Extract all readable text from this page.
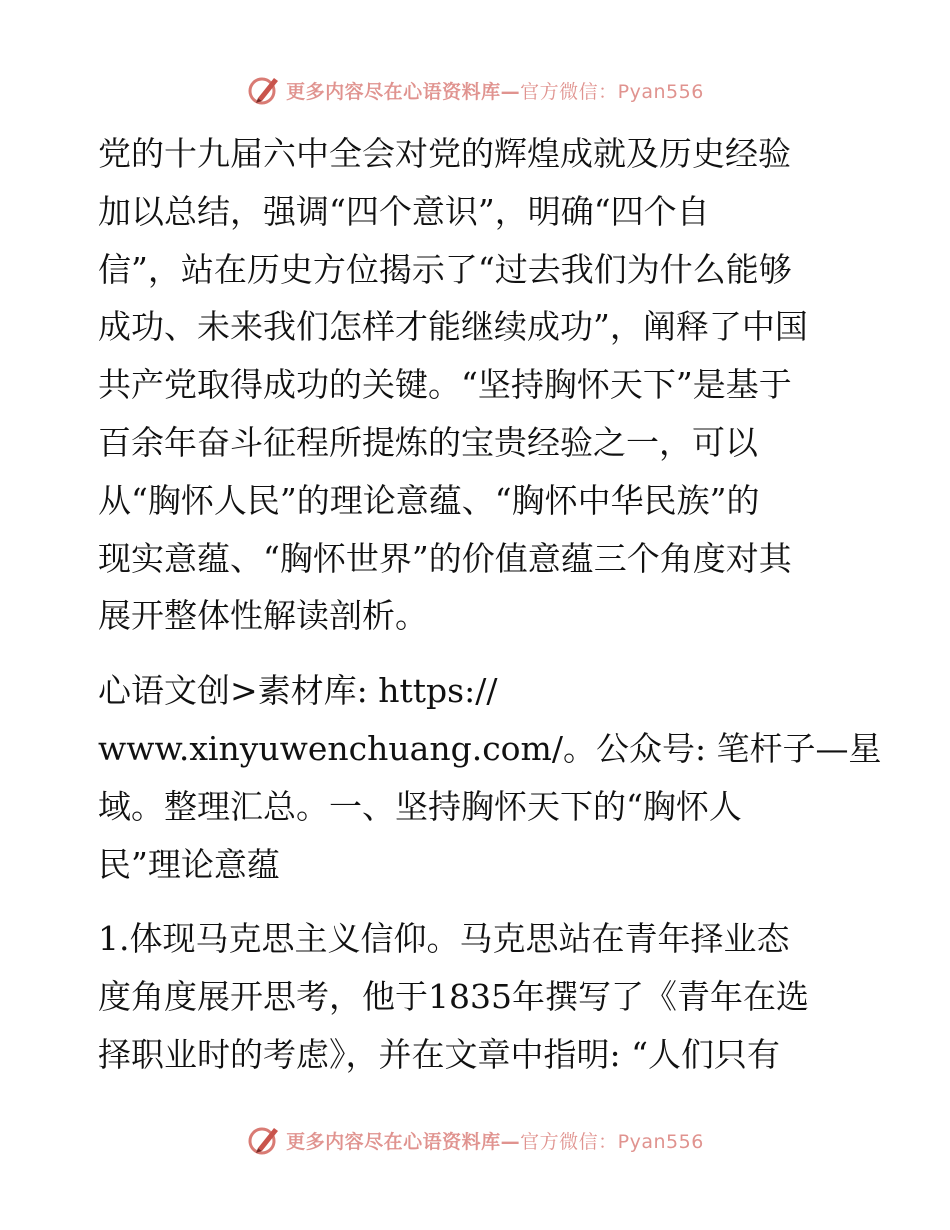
更多内容尽在心语资料库—官方微信：Pyan556

党的十九届六中全会对党的辉煌成就及历史经验
加以总结，强调“四个意识”，明确“四个自
信”，站在历史方位揭示了“过去我们为什么能够
成功、未来我们怎样才能继续成功”，阐释了中国
共产党取得成功的关键。“坚持胸怀天下”是基于
百余年奋斗征程所提炼的宝贵经验之一，可以
从“胸怀人民”的理论意蕴、“胸怀中华民族”的
现实意蕴、“胸怀世界”的价值意蕴三个角度对其
展开整体性解读剖析。

心语文创>素材库: https://
www.xinyuwenchuang.com/。公众号: 笔杆子—星
域。整理汇总。一、坚持胸怀天下的“胸怀人
民”理论意蕴

1.体现马克思主义信仰。马克思站在青年择业态
度角度展开思考，他于1835年撰写了《青年在选
择职业时的考虑》，并在文章中指明: “人们只有

更多内容尽在心语资料库—官方微信：Pyan556
